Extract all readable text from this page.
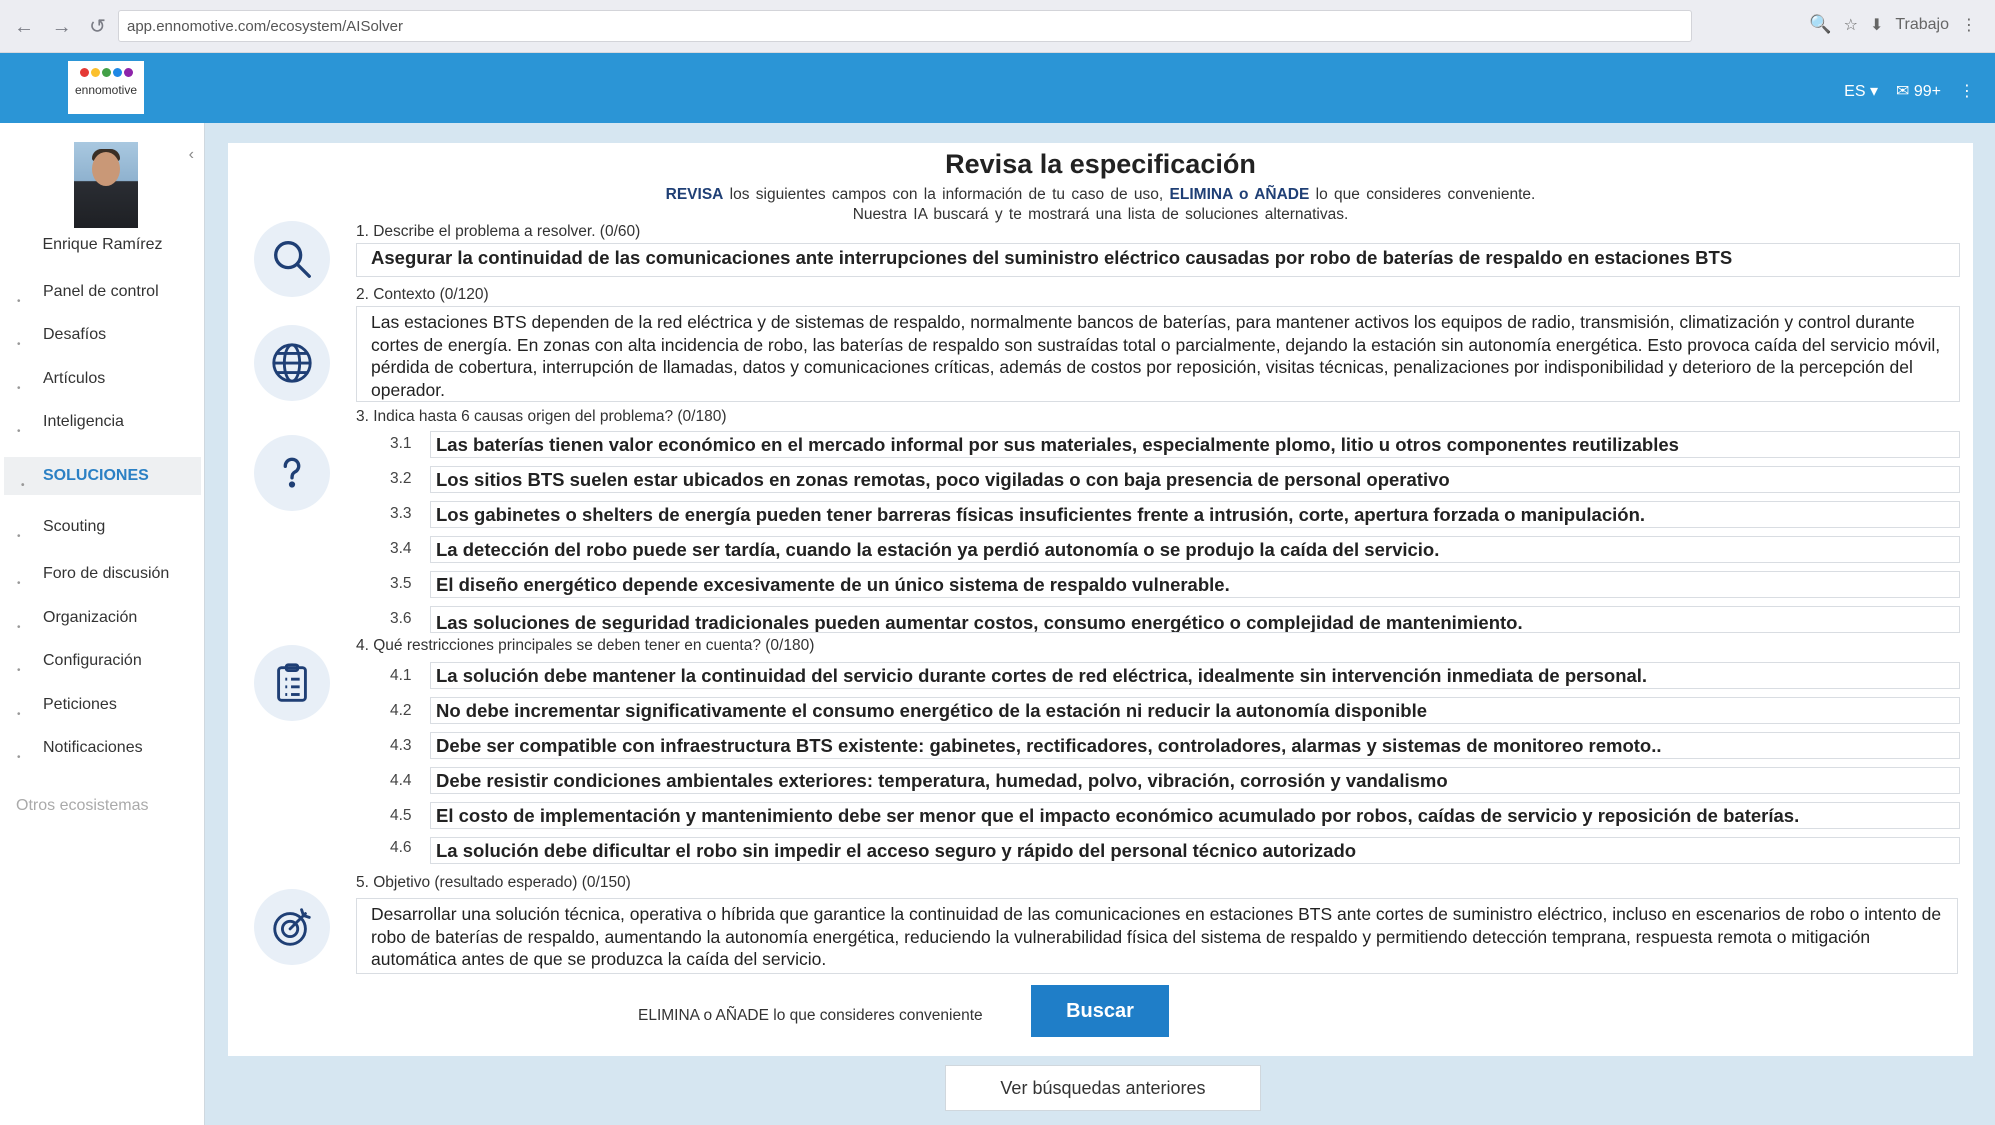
← → ↺	app.ennomotive.com/ecosystem/AISolver	🔍 ☆ ⬇ Trabajo ⋮
ennomotive	ES ▾ ✉ 99+ ⋮
‹
Enrique Ramírez
•
Panel de control
•
Desafíos
•
Artículos
•
Inteligencia
•
SOLUCIONES
•
Scouting
•
Foro de discusión
•
Organización
•
Configuración
•
Peticiones
•
Notificaciones
Otros ecosistemas
Revisa la especificación
REVISA los siguientes campos con la información de tu caso de uso, ELIMINA o AÑADE lo que consideres conveniente.
Nuestra IA buscará y te mostrará una lista de soluciones alternativas.
1. Describe el problema a resolver. (0/60)
Asegurar la continuidad de las comunicaciones ante interrupciones del suministro eléctrico causadas por robo de baterías de respaldo en estaciones BTS
2. Contexto (0/120)
Las estaciones BTS dependen de la red eléctrica y de sistemas de respaldo, normalmente bancos de baterías, para mantener activos los equipos de radio, transmisión, climatización y control durante cortes de energía. En zonas con alta incidencia de robo, las baterías de respaldo son sustraídas total o parcialmente, dejando la estación sin autonomía energética. Esto provoca caída del servicio móvil, pérdida de cobertura, interrupción de llamadas, datos y comunicaciones críticas, además de costos por reposición, visitas técnicas, penalizaciones por indisponibilidad y deterioro de la percepción del operador.
3. Indica hasta 6 causas origen del problema? (0/180)
3.1	Las baterías tienen valor económico en el mercado informal por sus materiales, especialmente plomo, litio u otros componentes reutilizables
3.2	Los sitios BTS suelen estar ubicados en zonas remotas, poco vigiladas o con baja presencia de personal operativo
3.3	Los gabinetes o shelters de energía pueden tener barreras físicas insuficientes frente a intrusión, corte, apertura forzada o manipulación.
3.4	La detección del robo puede ser tardía, cuando la estación ya perdió autonomía o se produjo la caída del servicio.
3.5	El diseño energético depende excesivamente de un único sistema de respaldo vulnerable.
3.6	Las soluciones de seguridad tradicionales pueden aumentar costos, consumo energético o complejidad de mantenimiento.
4. Qué restricciones principales se deben tener en cuenta? (0/180)
4.1	La solución debe mantener la continuidad del servicio durante cortes de red eléctrica, idealmente sin intervención inmediata de personal.
4.2	No debe incrementar significativamente el consumo energético de la estación ni reducir la autonomía disponible
4.3	Debe ser compatible con infraestructura BTS existente: gabinetes, rectificadores, controladores, alarmas y sistemas de monitoreo remoto..
4.4	Debe resistir condiciones ambientales exteriores: temperatura, humedad, polvo, vibración, corrosión y vandalismo
4.5	El costo de implementación y mantenimiento debe ser menor que el impacto económico acumulado por robos, caídas de servicio y reposición de baterías.
4.6	La solución debe dificultar el robo sin impedir el acceso seguro y rápido del personal técnico autorizado
5. Objetivo (resultado esperado) (0/150)
Desarrollar una solución técnica, operativa o híbrida que garantice la continuidad de las comunicaciones en estaciones BTS ante cortes de suministro eléctrico, incluso en escenarios de robo o intento de robo de baterías de respaldo, aumentando la autonomía energética, reduciendo la vulnerabilidad física del sistema de respaldo y permitiendo detección temprana, respuesta remota o mitigación automática antes de que se produzca la caída del servicio.
ELIMINA o AÑADE lo que consideres conveniente	Buscar
Ver búsquedas anteriores
